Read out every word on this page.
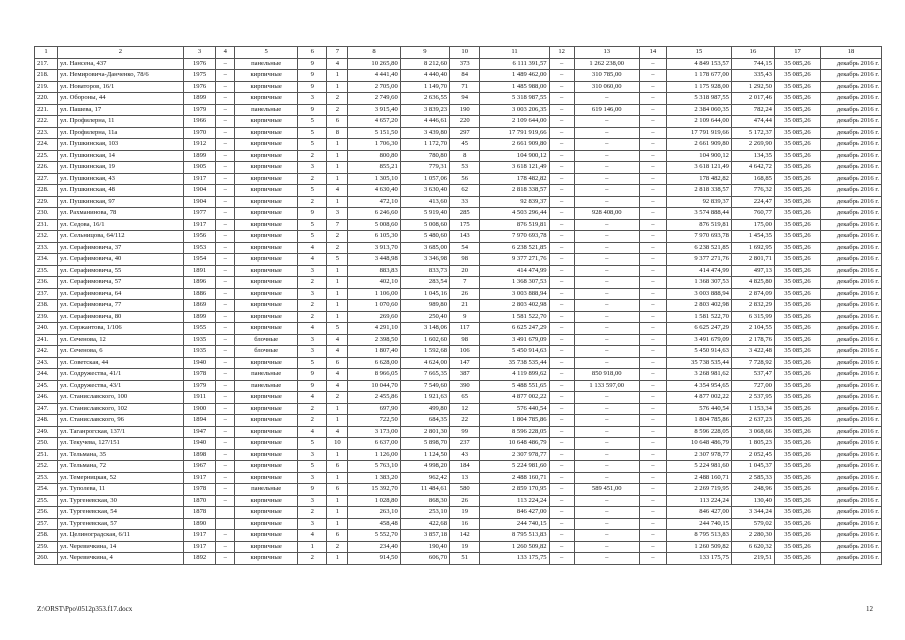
1	2	3	4	5	6	7	8	9	10	11	12	13	14	15	16	17	18
217.	ул. Нансена, 437	1976	–	панельные	9	4	10 265,80	8 212,60	373	6 111 391,57	–	1 262 238,00	–	4 849 153,57	744,15	35 085,26	декабрь 2016 г.
218.	ул. Немировича-Данченко, 78/6	1975	–	кирпичные	9	1	4 441,40	4 440,40	84	1 489 462,00	–	310 785,00	–	1 178 677,00	335,43	35 085,26	декабрь 2016 г.
219.	ул. Новаторов, 16/1	1976	–	кирпичные	9	1	2 705,00	1 149,70	71	1 485 988,00	–	310 060,00	–	1 175 928,00	1 292,50	35 085,26	декабрь 2016 г.
220.	ул. Обороны, 44	1899	–	кирпичные	3	2	2 749,60	2 636,55	94	5 318 987,55	–	–	–	5 318 987,55	2 017,46	35 085,26	декабрь 2016 г.
221.	ул. Пашева, 17	1979	–	панельные	9	2	3 915,40	3 839,23	190	3 003 206,35	–	619 146,00	–	2 384 060,35	782,24	35 085,26	декабрь 2016 г.
222.	ул. Профилерна, 11	1966	–	кирпичные	5	6	4 657,20	4 446,61	220	2 109 644,00	–	–	–	2 109 644,00	474,44	35 085,26	декабрь 2016 г.
223.	ул. Профилерна, 11а	1970	–	кирпичные	5	8	5 151,50	3 439,80	297	17 791 919,66	–	–	–	17 791 919,66	5 172,37	35 085,26	декабрь 2016 г.
224.	ул. Пушкинская, 103	1912	–	кирпичные	5	1	1 706,30	1 172,70	45	2 661 909,80	–	–	–	2 661 909,80	2 269,90	35 085,26	декабрь 2016 г.
225.	ул. Пушкинская, 14	1899	–	кирпичные	2	1	800,80	780,80	8	104 900,12	–	–	–	104 900,12	134,35	35 085,26	декабрь 2016 г.
226.	ул. Пушкинская, 19	1905	–	кирпичные	3	1	855,21	779,31	53	3 618 121,49	–	–	–	3 618 121,49	4 642,72	35 085,26	декабрь 2016 г.
227.	ул. Пушкинская, 43	1917	–	кирпичные	2	1	1 305,10	1 057,06	56	178 482,82	–	–	–	178 482,82	168,85	35 085,26	декабрь 2016 г.
228.	ул. Пушкинская, 48	1904	–	кирпичные	5	4	4 630,40	3 630,40	62	2 818 338,57	–	–	–	2 818 338,57	776,32	35 085,26	декабрь 2016 г.
229.	ул. Пушкинская, 97	1904	–	кирпичные	2	1	472,10	413,60	33	92 839,37	–	–	–	92 839,37	224,47	35 085,26	декабрь 2016 г.
230.	ул. Рахманинова, 78	1977	–	кирпичные	9	3	6 246,60	5 919,40	285	4 503 296,44	–	928 408,00	–	3 574 888,44	760,77	35 085,26	декабрь 2016 г.
231.	ул. Седова, 16/1	1917	–	кирпичные	5	7	5 008,60	5 008,60	175	876 519,81	–	–	–	876 519,81	175,00	35 085,26	декабрь 2016 г.
232.	ул. Сельницова, 64/112	1956	–	кирпичные	5	2	6 105,30	5 480,60	143	7 970 693,78	–	–	–	7 970 693,78	1 454,35	35 085,26	декабрь 2016 г.
233.	ул. Серафимовича, 37	1953	–	кирпичные	4	2	3 913,70	3 685,00	54	6 238 521,85	–	–	–	6 238 521,85	1 692,95	35 085,26	декабрь 2016 г.
234.	ул. Серафимовича, 40	1954	–	кирпичные	4	5	3 448,98	3 346,98	98	9 377 271,76	–	–	–	9 377 271,76	2 801,71	35 085,26	декабрь 2016 г.
235.	ул. Серафимовича, 55	1891	–	кирпичные	3	1	883,83	833,73	20	414 474,99	–	–	–	414 474,99	497,13	35 085,26	декабрь 2016 г.
236.	ул. Серафимовича, 57	1896	–	кирпичные	2	1	402,10	283,54	7	1 368 307,53	–	–	–	1 368 307,53	4 825,80	35 085,26	декабрь 2016 г.
237.	ул. Серафимовича, 64	1886	–	кирпичные	3	1	1 106,00	1 045,16	26	3 003 888,94	–	–	–	3 003 888,94	2 874,09	35 085,26	декабрь 2016 г.
238.	ул. Серафимовича, 77	1869	–	кирпичные	2	1	1 070,60	989,80	21	2 803 402,98	–	–	–	2 803 402,98	2 832,29	35 085,26	декабрь 2016 г.
239.	ул. Серафимовича, 80	1899	–	кирпичные	2	1	269,60	250,40	9	1 581 522,70	–	–	–	1 581 522,70	6 315,99	35 085,26	декабрь 2016 г.
240.	ул. Сержантова, 1/106	1955	–	кирпичные	4	5	4 291,10	3 148,06	117	6 625 247,29	–	–	–	6 625 247,29	2 104,55	35 085,26	декабрь 2016 г.
241.	ул. Сеченова, 12	1935	–	блочные	3	4	2 398,50	1 602,60	98	3 491 679,09	–	–	–	3 491 679,09	2 178,76	35 085,26	декабрь 2016 г.
242.	ул. Сеченова, 6	1935	–	блочные	3	4	1 807,40	1 592,68	106	5 450 914,63	–	–	–	5 450 914,63	3 422,48	35 085,26	декабрь 2016 г.
243.	ул. Советская, 44	1940	–	кирпичные	5	6	6 628,00	4 624,00	147	35 738 535,44	–	–	–	35 738 535,44	7 728,92	35 085,26	декабрь 2016 г.
244.	ул. Содружества, 41/1	1978	–	панельные	9	4	8 966,05	7 665,35	387	4 119 899,62	–	850 918,00	–	3 268 981,62	537,47	35 085,26	декабрь 2016 г.
245.	ул. Содружества, 43/1	1979	–	панельные	9	4	10 044,70	7 549,60	390	5 488 551,65	–	1 133 597,00	–	4 354 954,65	727,00	35 085,26	декабрь 2016 г.
246.	ул. Станиславского, 100	1911	–	кирпичные	4	2	2 455,86	1 921,63	65	4 877 002,22	–	–	–	4 877 002,22	2 537,95	35 085,26	декабрь 2016 г.
247.	ул. Станиславского, 102	1900	–	кирпичные	2	1	697,90	499,80	12	576 440,54	–	–	–	576 440,54	1 153,34	35 085,26	декабрь 2016 г.
248.	ул. Станиславского, 96	1894	–	кирпичные	2	1	722,50	684,35	22	1 804 785,86	–	–	–	1 804 785,86	2 637,23	35 085,26	декабрь 2016 г.
249.	ул. Таганрогская, 137/1	1947	–	кирпичные	4	4	3 173,00	2 801,30	99	8 596 228,05	–	–	–	8 596 228,05	3 068,66	35 085,26	декабрь 2016 г.
250.	ул. Текучева, 127/151	1940	–	кирпичные	5	10	6 637,00	5 898,70	237	10 648 486,79	–	–	–	10 648 486,79	1 805,23	35 085,26	декабрь 2016 г.
251.	ул. Тельмана, 35	1898	–	кирпичные	3	1	1 126,00	1 124,50	43	2 307 978,77	–	–	–	2 307 978,77	2 052,45	35 085,26	декабрь 2016 г.
252.	ул. Тельмана, 72	1967	–	кирпичные	5	6	5 763,10	4 998,20	184	5 224 981,60	–	–	–	5 224 981,60	1 045,37	35 085,26	декабрь 2016 г.
253.	ул. Темерницкая, 52	1917	–	кирпичные	3	1	1 383,20	962,42	13	2 488 160,71	–	–	–	2 488 160,71	2 585,33	35 085,26	декабрь 2016 г.
254.	ул. Туполева, 11	1978	–	панельные	9	6	15 392,70	11 484,61	580	2 859 170,95	–	589 451,00	–	2 269 719,95	248,96	35 085,26	декабрь 2016 г.
255.	ул. Тургеневская, 30	1870	–	кирпичные	3	1	1 028,80	868,30	26	113 224,24	–	–	–	113 224,24	130,40	35 085,26	декабрь 2016 г.
256.	ул. Тургеневская, 54	1878		кирпичные	2	1	263,10	253,10	19	846 427,00	–	–	–	846 427,00	3 344,24	35 085,26	декабрь 2016 г.
257.	ул. Тургеневская, 57	1890		кирпичные	3	1	458,48	422,68	16	244 740,15	–	–	–	244 740,15	579,02	35 085,26	декабрь 2016 г.
258.	ул. Целиноградская, 6/11	1917	–	кирпичные	4	6	5 552,70	3 857,18	142	8 795 513,83	–	–	–	8 795 513,83	2 280,30	35 085,26	декабрь 2016 г.
259.	ул. Черевичкина, 14	1917	–	кирпичные	1	2	234,40	190,40	19	1 260 509,82	–	–	–	1 260 509,82	6 620,32	35 085,26	декабрь 2016 г.
260.	ул. Черевичкина, 4	1892	–	кирпичные	2	1	914,50	606,70	51	133 175,75	–	–	–	133 175,75	219,51	35 085,26	декабрь 2016 г.
Z:\ORST\Ppo\0512p353.f17.docx	12
